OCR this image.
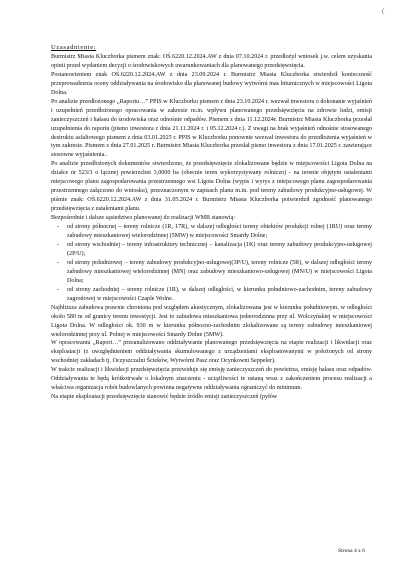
(

Uzasadnienie:

Burmistrz Miasta Kluczborka pismem znak: OŚ.6220.12.2024.AW z dnia 07.10.2024 r. przedłożył wniosek j.w. celem uzyskania opinii przed wydaniem decyzji o środowiskowych uwarunkowaniach dla planowanego przedsięwzięcia.

Postanowieniem znak OŚ.6220.12.2024.AW z dnia 23.09.2024 r. Burmistrz Miasta Kluczborka stwierdził konieczność przeprowadzenia oceny oddziaływania na środowisko dla planowanej budowy wytwórni mas bitumicznych w miejscowości Ligota Dolna.

Po analizie przedłożonego „Raportu…” PPIS w Kluczborku pismem z dnia 23.10.2024 r. wezwał inwestora o dokonanie wyjaśnień i uzupełnień przedłożonego opracowania w zakresie m.in. wpływu planowanego przedsięwzięcia na zdrowie ludzi, emisji zanieczyszczeń i hałasu do środowiska oraz odnośnie odpadów. Pismem z dnia 11.12.2024r. Burmistrz Miasta Kluczborka przesłał uzupełnienia do raportu (pismo inwestora z dnia 21.11.2024 r. i 05.12.2024 r.). Z uwagi na brak wyjaśnień odnośnie stosowanego destruktu asfaltowego pismem z dnia 03.01.2025 r. PPIS w Kluczborku ponownie wezwał inwestora do przedłożenia wyjaśnień w tym zakresie. Pismem z dnia 27.01.2025 r. Burmistrz Miasta Kluczborka przesłał pismo inwestora z dnia 17.01.2025 r. zawierające stosowne wyjaśnienia..

Po analizie przedłożonych dokumentów stwierdzono, że przedsięwzięcie zlokalizowane będzie w miejscowości Ligota Dolna na działce nr 523/3 o łącznej powierzchni 3,0000 ha (obecnie teren wykorzystywany rolniczo) - na terenie objętym ustaleniami miejscowego planu zagospodarowania przestrzennego wsi Ligota Dolna (wypis i wyrys z miejscowego planu zagospodarowania przestrzennego załączono do wniosku), przeznaczonym w zapisach planu m.in. pod tereny zabudowy produkcyjno-usługowej. W piśmie znak: OŚ.6220.12.2024.AW z dnia 31.05.2024 r. Burmistrz Miasta Kluczborka potwierdził zgodność planowanego przedsięwzięcia z ustaleniami planu.

Bezpośrednie i dalsze sąsiedztwo planowanej do realizacji WMB stanowią:

- od strony północnej – tereny rolnicze (1R, 17R), w dalszej odległości tereny obiektów produkcji rolnej (1RU) oraz tereny zabudowy mieszkaniowej wielorodzinnej (5MW) w miejscowości Smardy Dolne;
- od strony wschodniej – tereny infrastruktury technicznej – kanalizacja (1K) oraz tereny zabudowy produkcyjno-usługowej (2P/U);
- od strony południowej – tereny zabudowy produkcyjno-usługowej(3P/U), tereny rolnicze (5R), w dalszej odległości tereny zabudowy mieszkaniowej wielorodzinnej (MN) oraz zabudowy mieszkaniowo-usługowej (MN/U) w miejscowości Ligota Dolna;
- od strony zachodniej – tereny rolnicze (1R), w dalszej odległości, w kierunku południowo-zachodnim, tereny zabudowy zagrodowej w miejscowości Czaple Wolne.

Najbliższa zabudowa prawnie chroniona pod względem akustycznym, zlokalizowana jest w kierunku południowym, w odległości około 580 m od granicy terenu inwestycji. Jest to zabudowa mieszkaniowa jednorodzinna przy ul. Wolczyńskiej w miejscowości Ligota Dolna. W odległości ok. 930 m w kierunku północno-zachodnim zlokalizowane są tereny zabudowy mieszkaniowej wielorodzinnej przy ul. Polnej w miejscowości Smardy Dolne (5MW).

W opracowaniu „Raport…” przeanalizowano oddziaływanie planowanego przedsięwzięcia na etapie realizacji i likwidacji oraz eksploatacji (z uwzględnieniem oddziaływania skumulowanego z urządzeniami eksploatowanymi w położonych od strony wschodniej zakładach tj. Oczyszczalni Ścieków, Wytwórni Pasz oraz Ocynkowni Seppeler).

W trakcie realizacji i likwidacji przedsięwzięcia przewiduje się emisję zanieczyszczeń do powietrza, emisję hałasu oraz odpadów. Oddziaływania te będą krótkotrwałe o lokalnym znaczeniu - uciążliwości te ustaną wraz z zakończeniem procesu realizacji a właściwa organizacja robót budowlanych powinna negatywne oddziaływania ograniczyć do minimum.

Na etapie eksploatacji przedsięwzięcie stanowić będzie źródło emisji zanieczyszczeń (pyłów

Strona 4 z 6
